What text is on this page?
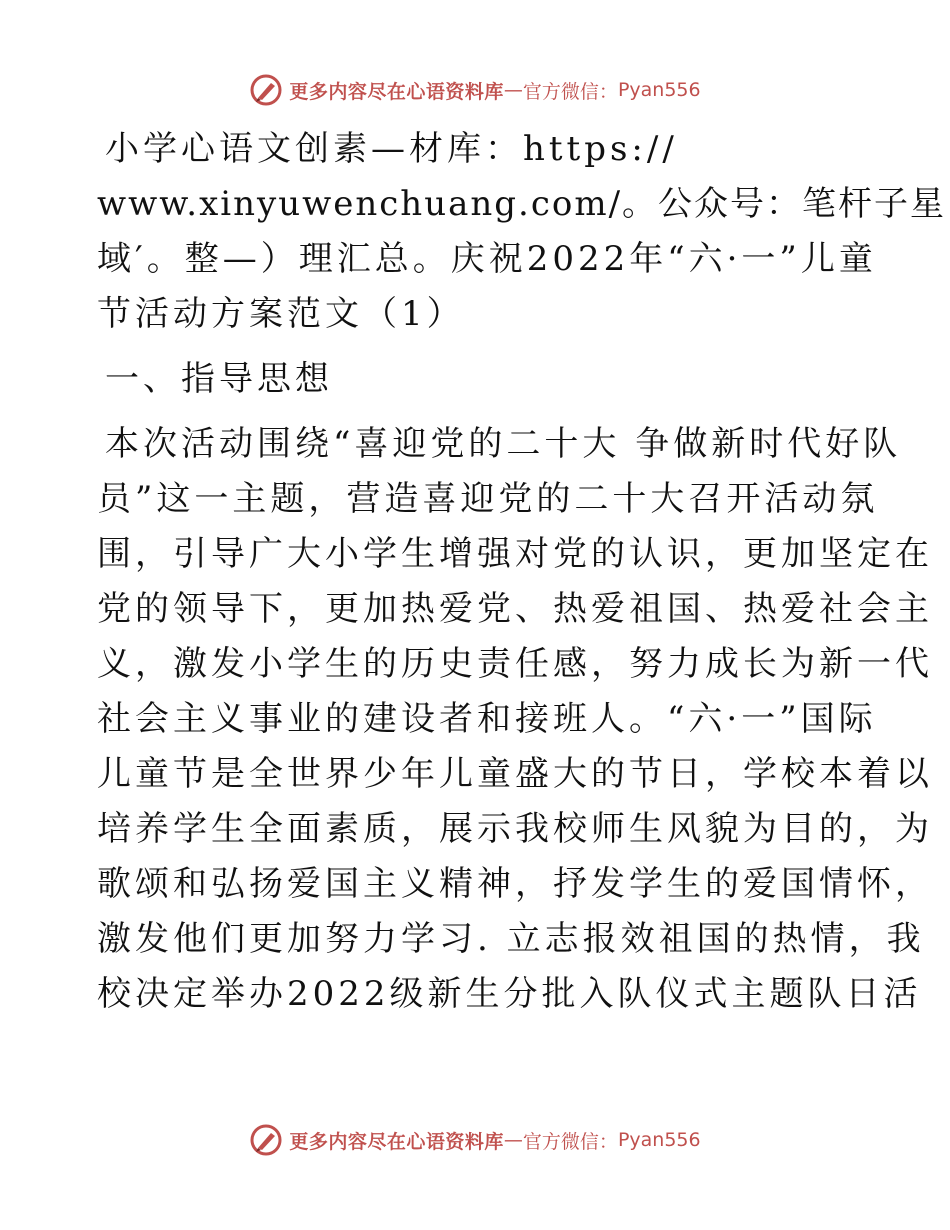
更多内容尽在心语资料库 — 官方微信： Pyan556
小学心语文创素—材库：https://
www.xinyuwenchuang.com/。公众号：笔杆子星
域′。整—）理汇总。庆祝2022年“六·一”儿童
节活动方案范文（1）
一、指导思想
本次活动围绕“喜迎党的二十大 争做新时代好队
员”这一主题，营造喜迎党的二十大召开活动氛
围，引导广大小学生增强对党的认识，更加坚定在
党的领导下，更加热爱党、热爱祖国、热爱社会主
义，激发小学生的历史责任感，努力成长为新一代
社会主义事业的建设者和接班人。“六·一”国际
儿童节是全世界少年儿童盛大的节日，学校本着以
培养学生全面素质，展示我校师生风貌为目的，为
歌颂和弘扬爱国主义精神，抒发学生的爱国情怀，
激发他们更加努力学习. 立志报效祖国的热情，我
校决定举办2022级新生分批入队仪式主题队日活
更多内容尽在心语资料库 — 官方微信： Pyan556
